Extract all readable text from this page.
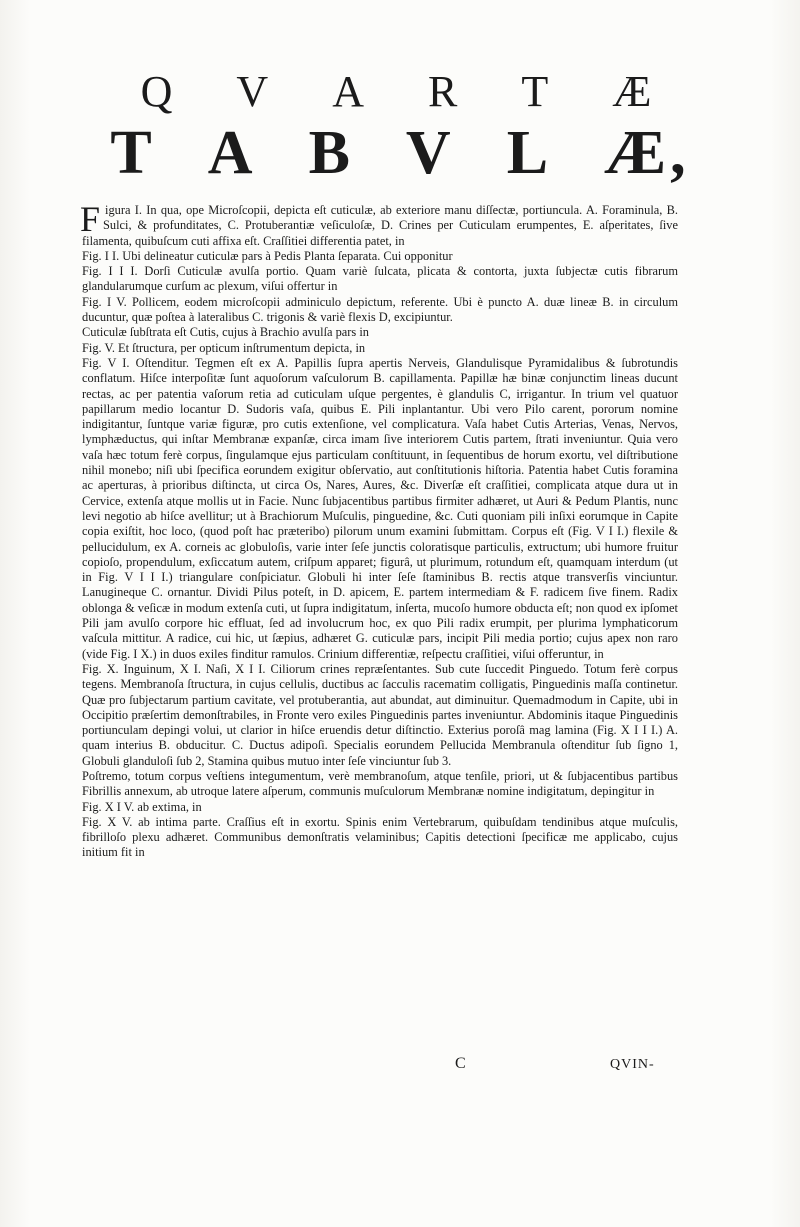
Q V A R T Æ
T A B V L Æ,

Figura I. In qua, ope Microſcopii, depicta eſt cuticulæ, ab exteriore manu diſſectæ, portiuncula. A. Foraminula, B. Sulci, & profunditates, C. Protuberantiæ veſiculoſæ, D. Crines per Cuticulam erumpentes, E. aſperitates, ſive filamenta, quibuſcum cuti affixa eſt. Craſſitiei differentia patet, in

Fig. I I. Ubi delineatur cuticulæ pars à Pedis Planta ſeparata. Cui opponitur

Fig. I I I. Dorſi Cuticulæ avulſa portio. Quam variè ſulcata, plicata & contorta, juxta ſubjectæ cutis fibrarum glandularumque curſum ac plexum, viſui offertur in

Fig. I V. Pollicem, eodem microſcopii adminiculo depictum, referente. Ubi è puncto A. duæ lineæ B. in circulum ducuntur, quæ poſtea à lateralibus C. trigonis & variè flexis D, excipiuntur.

Cuticulæ ſubſtrata eſt Cutis, cujus à Brachio avulſa pars in

Fig. V. Et ſtructura, per opticum inſtrumentum depicta, in

Fig. V I. Oſtenditur. Tegmen eſt ex A. Papillis ſupra apertis Nerveis, Glandulisque Pyramidalibus & ſubrotundis conflatum. Hiſce interpoſitæ ſunt aquoſorum vaſculorum B. capillamenta. Papillæ hæ binæ conjunctim lineas ducunt rectas, ac per patentia vaſorum retia ad cuticulam uſque pergentes, è glandulis C, irrigantur. In trium vel quatuor papillarum medio locantur D. Sudoris vaſa, quibus E. Pili inplantantur. Ubi vero Pilo carent, pororum nomine indigitantur, ſuntque variæ figuræ, pro cutis extenſione, vel complicatura. Vaſa habet Cutis Arterias, Venas, Nervos, lymphæductus, qui inſtar Membranæ expanſæ, circa imam ſive interiorem Cutis partem, ſtrati inveniuntur. Quia vero vaſa hæc totum ferè corpus, ſingulamque ejus particulam conſtituunt, in ſequentibus de horum exortu, vel diſtributione nihil monebo; niſi ubi ſpecifica eorundem exigitur obſervatio, aut conſtitutionis hiſtoria. Patentia habet Cutis foramina ac aperturas, à prioribus diſtincta, ut circa Os, Nares, Aures, &c. Diverſæ eſt craſſitiei, complicata atque dura ut in Cervice, extenſa atque mollis ut in Facie. Nunc ſubjacentibus partibus firmiter adhæret, ut Auri & Pedum Plantis, nunc levi negotio ab hiſce avellitur; ut à Brachiorum Muſculis, pinguedine, &c. Cuti quoniam pili inſixi eorumque in Capite copia exiſtit, hoc loco, (quod poſt hac præteribo) pilorum unum examini ſubmittam. Corpus eſt (Fig. V I I.) flexile & pellucidulum, ex A. corneis ac globuloſis, varie inter ſeſe junctis coloratisque particulis, extructum; ubi humore fruitur copioſo, propendulum, exſiccatum autem, criſpum apparet; figurâ, ut plurimum, rotundum eſt, quamquam interdum (ut in Fig. V I I I.) triangulare conſpiciatur. Globuli hi inter ſeſe ſtaminibus B. rectis atque transverſis vinciuntur. Lanugineque C. ornantur. Dividi Pilus poteſt, in D. apicem, E. partem intermediam & F. radicem ſive finem. Radix oblonga & veſicæ in modum extenſa cuti, ut ſupra indigitatum, inſerta, mucoſo humore obducta eſt; non quod ex ipſomet Pili jam avulſo corpore hic effluat, ſed ad involucrum hoc, ex quo Pili radix erumpit, per plurima lymphaticorum vaſcula mittitur. A radice, cui hic, ut ſæpius, adhæret G. cuticulæ pars, incipit Pili media portio; cujus apex non raro (vide Fig. I X.) in duos exiles finditur ramulos. Crinium differentiæ, reſpectu craſſitiei, viſui offeruntur, in

Fig. X. Inguinum, X I. Naſi, X I I. Ciliorum crines repræſentantes. Sub cute ſuccedit Pinguedo. Totum ferè corpus tegens. Membranoſa ſtructura, in cujus cellulis, ductibus ac ſacculis racematim colligatis, Pinguedinis maſſa continetur. Quæ pro ſubjectarum partium cavitate, vel protuberantia, aut abundat, aut diminuitur. Quemadmodum in Capite, ubi in Occipitio præſertim demonſtrabiles, in Fronte vero exiles Pinguedinis partes inveniuntur. Abdominis itaque Pinguedinis portiunculam depingi volui, ut clarior in hiſce eruendis detur diſtinctio. Exterius poroſâ mag lamina (Fig. X I I I.) A. quam interius B. obducitur. C. Ductus adipoſi. Specialis eorundem Pellucida Membranula oſtenditur ſub ſigno 1, Globuli glanduloſi ſub 2, Stamina quibus mutuo inter ſeſe vinciuntur ſub 3.

Poſtremo, totum corpus veſtiens integumentum, verè membranoſum, atque tenſile, priori, ut & ſubjacentibus partibus Fibrillis annexum, ab utroque latere aſperum, communis muſculorum Membranæ nomine indigitatum, depingitur in

Fig. X I V. ab extima, in

Fig. X V. ab intima parte. Craſſius eſt in exortu. Spinis enim Vertebrarum, quibuſdam tendinibus atque muſculis, fibrilloſo plexu adhæret. Communibus demonſtratis velaminibus; Capitis detectioni ſpecificæ me applicabo, cujus initium fit in

C	QVIN-
